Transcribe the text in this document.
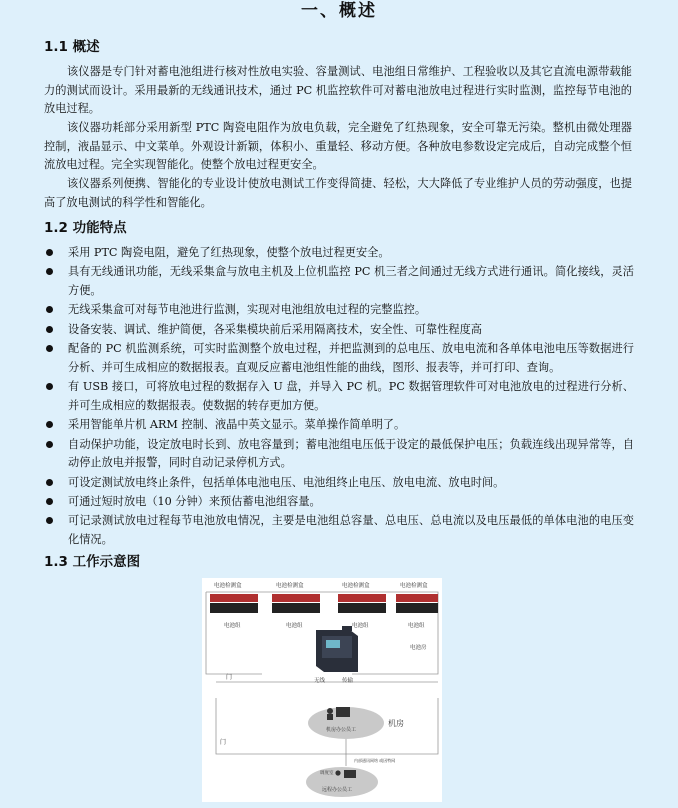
一、概述
1.1 概述
该仪器是专门针对蓄电池组进行核对性放电实验、容量测试、电池组日常维护、工程验收以及其它直流电源带载能力的测试而设计。采用最新的无线通讯技术，通过 PC 机监控软件可对蓄电池放电过程进行实时监测，监控每节电池的放电过程。
该仪器功耗部分采用新型 PTC 陶瓷电阻作为放电负载，完全避免了红热现象，安全可靠无污染。整机由微处理器控制，液晶显示、中文菜单。外观设计新颖，体积小、重量轻、移动方便。各种放电参数设定完成后，自动完成整个恒流放电过程。完全实现智能化。使整个放电过程更安全。
该仪器系列便携、智能化的专业设计使放电测试工作变得简捷、轻松，大大降低了专业维护人员的劳动强度，也提高了放电测试的科学性和智能化。
1.2 功能特点
采用 PTC 陶瓷电阻，避免了红热现象，使整个放电过程更安全。
具有无线通讯功能，无线采集盒与放电主机及上位机监控 PC 机三者之间通过无线方式进行通讯。简化接线，灵活方便。
无线采集盒可对每节电池进行监测，实现对电池组放电过程的完整监控。
设备安装、调试、维护简便，各采集模块前后采用隔离技术，安全性、可靠性程度高
配备的 PC 机监测系统，可实时监测整个放电过程，并把监测到的总电压、放电电流和各单体电池电压等数据进行分析、并可生成相应的数据报表。直观反应蓄电池组性能的曲线，图形、报表等，并可打印、查询。
有 USB 接口，可将放电过程的数据存入 U 盘，并导入 PC 机。PC 数据管理软件可对电池放电的过程进行分析、并可生成相应的数据报表。使数据的转存更加方便。
采用智能单片机 ARM 控制、液晶中英文显示。菜单操作简单明了。
自动保护功能，设定放电时长到、放电容量到；蓄电池组电压低于设定的最低保护电压；负载连线出现异常等，自动停止放电并报警，同时自动记录停机方式。
可设定测试放电终止条件，包括单体电池电压、电池组终止电压、放电电流、放电时间。
可通过短时放电（10 分钟）来预估蓄电池组容量。
可记录测试放电过程每节电池放电情况，主要是电池组总容量、总电压、总电流以及电压最低的单体电池的电压变化情况。
1.3 工作示意图
电池检测盒
电池组
电池检测盒
电池组
电池检测盒
电池组
电池检测盒
电池组
电池房
门
门
无线	传输
机房办公员工
机房
内部通讯网络 或因特网
调度室
远程办公员工
